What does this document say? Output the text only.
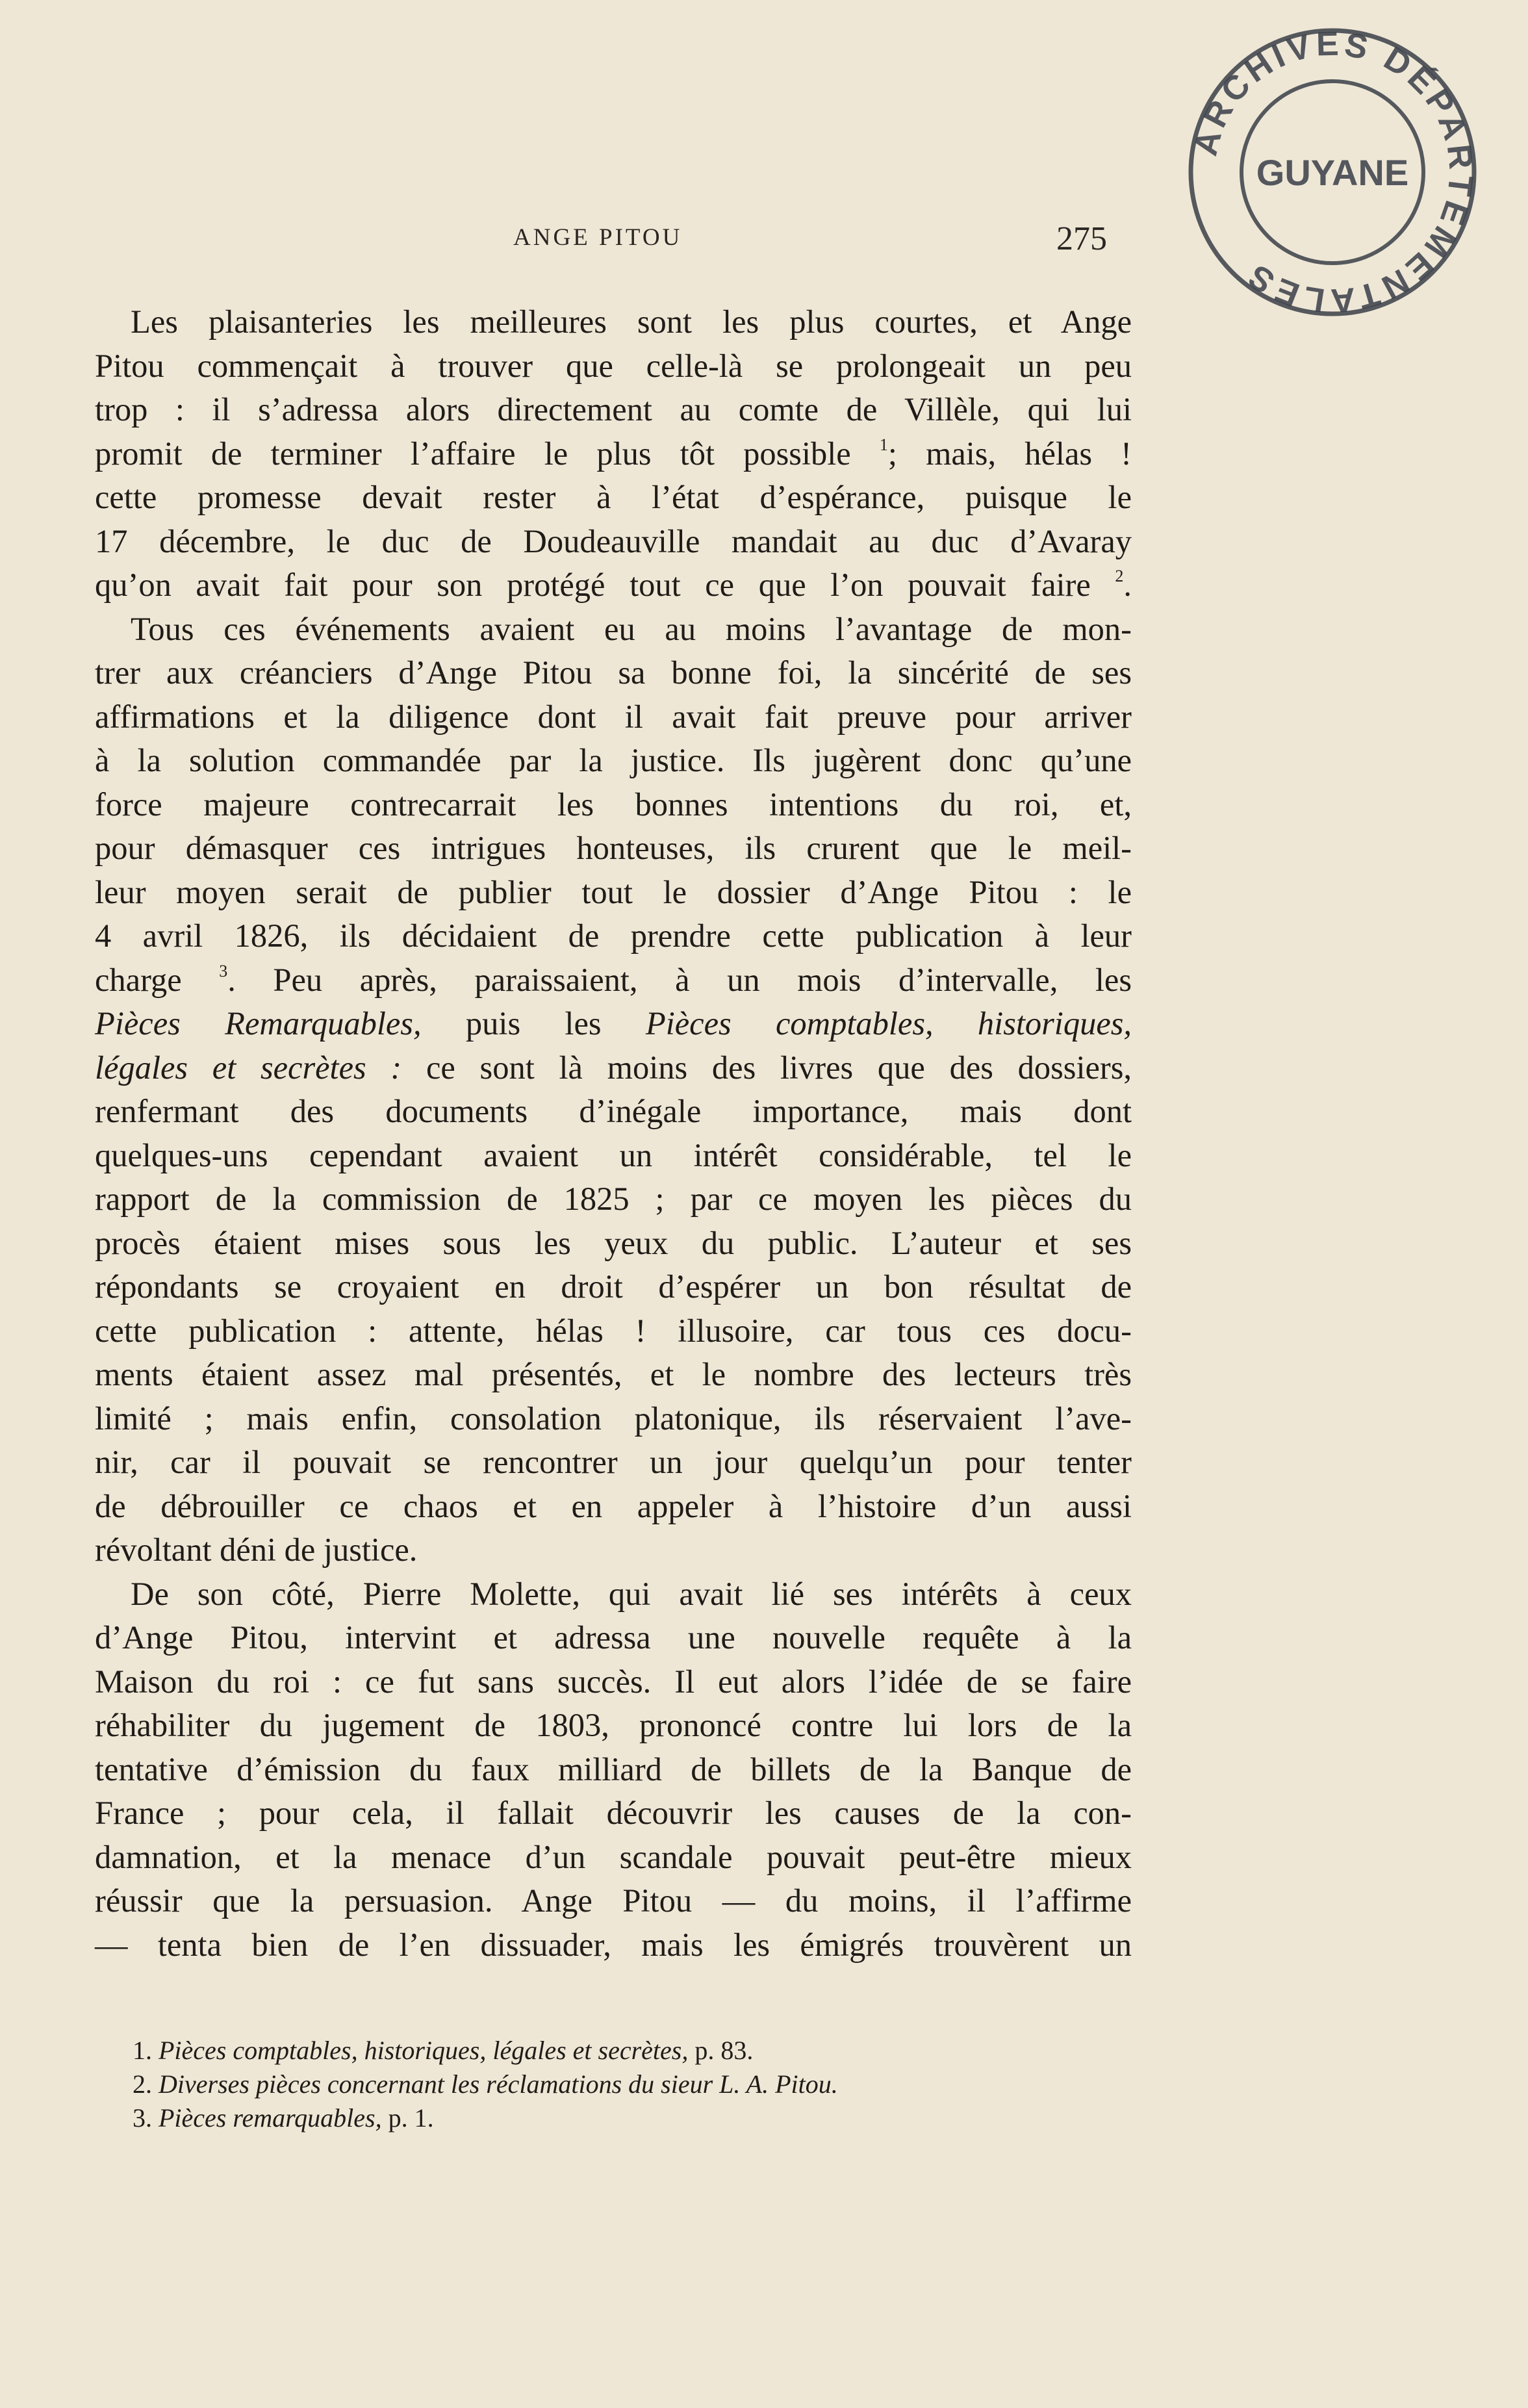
ARCHIVES DÉPARTEMENTALES
GUYANE
ANGE PITOU	275
Les plaisanteries les meilleures sont les plus courtes, et Ange
Pitou commençait à trouver que celle-là se prolongeait un peu
trop : il s’adressa alors directement au comte de Villèle, qui lui
promit de terminer l’affaire le plus tôt possible $^1$; mais, hélas !
cette promesse devait rester à l’état d’espérance, puisque le
17 décembre, le duc de Doudeauville mandait au duc d’Avaray
qu’on avait fait pour son protégé tout ce que l’on pouvait faire $^2$.
Tous ces événements avaient eu au moins l’avantage de mon-
trer aux créanciers d’Ange Pitou sa bonne foi, la sincérité de ses
affirmations et la diligence dont il avait fait preuve pour arriver
à la solution commandée par la justice. Ils jugèrent donc qu’une
force majeure contrecarrait les bonnes intentions du roi, et,
pour démasquer ces intrigues honteuses, ils crurent que le meil-
leur moyen serait de publier tout le dossier d’Ange Pitou : le
4 avril 1826, ils décidaient de prendre cette publication à leur
charge $^3$. Peu après, paraissaient, à un mois d’intervalle, les
Pièces Remarquables, puis les Pièces comptables, historiques,
légales et secrètes : ce sont là moins des livres que des dossiers,
renfermant des documents d’inégale importance, mais dont
quelques-uns cependant avaient un intérêt considérable, tel le
rapport de la commission de 1825 ; par ce moyen les pièces du
procès étaient mises sous les yeux du public. L’auteur et ses
répondants se croyaient en droit d’espérer un bon résultat de
cette publication : attente, hélas ! illusoire, car tous ces docu-
ments étaient assez mal présentés, et le nombre des lecteurs très
limité ; mais enfin, consolation platonique, ils réservaient l’ave-
nir, car il pouvait se rencontrer un jour quelqu’un pour tenter
de débrouiller ce chaos et en appeler à l’histoire d’un aussi
révoltant déni de justice.
De son côté, Pierre Molette, qui avait lié ses intérêts à ceux
d’Ange Pitou, intervint et adressa une nouvelle requête à la
Maison du roi : ce fut sans succès. Il eut alors l’idée de se faire
réhabiliter du jugement de 1803, prononcé contre lui lors de la
tentative d’émission du faux milliard de billets de la Banque de
France ; pour cela, il fallait découvrir les causes de la con-
damnation, et la menace d’un scandale pouvait peut-être mieux
réussir que la persuasion. Ange Pitou — du moins, il l’affirme
— tenta bien de l’en dissuader, mais les émigrés trouvèrent un
1. Pièces comptables, historiques, légales et secrètes, p. 83.
2. Diverses pièces concernant les réclamations du sieur L. A. Pitou.
3. Pièces remarquables, p. 1.
